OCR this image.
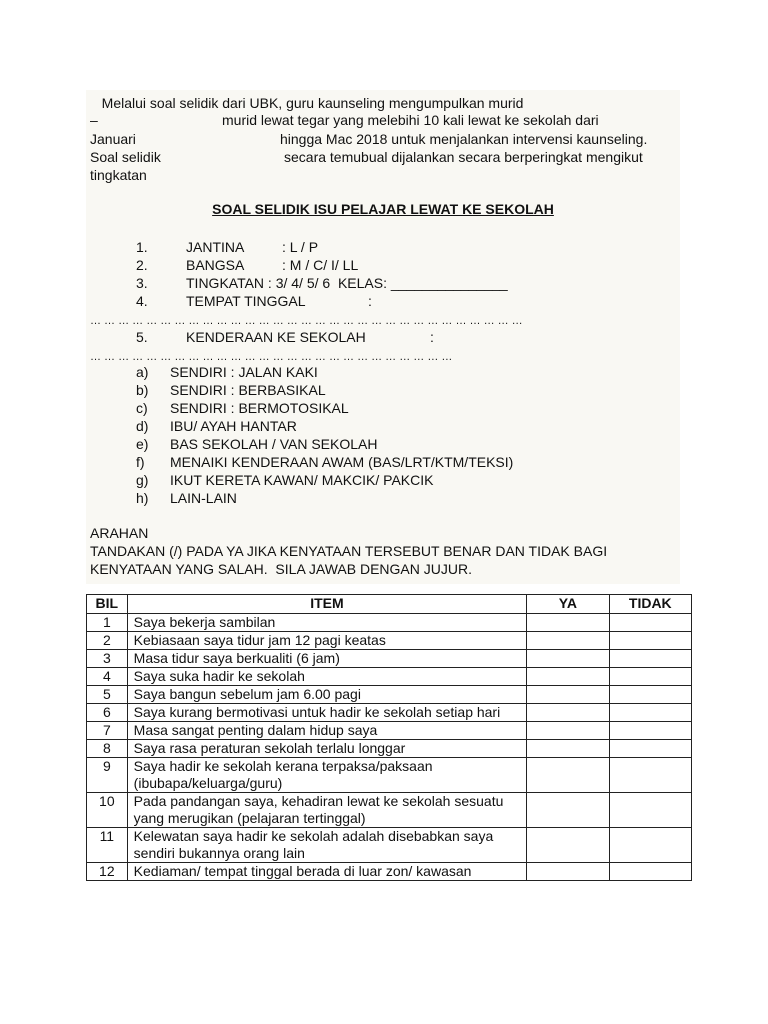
Melalui soal selidik dari UBK, guru kaunseling mengumpulkan murid
–	murid lewat tegar yang melebihi 10 kali lewat ke sekolah dari
Januari	hingga Mac 2018 untuk menjalankan intervensi kaunseling.
Soal selidik	secara temubual dijalankan secara berperingkat mengikut
tingkatan
SOAL SELIDIK ISU PELAJAR LEWAT KE SEKOLAH
1.	JANTINA	: L / P
2.	BANGSA	: M / C/ I/ LL
3.	TINGKATAN : 3/ 4/ 5/ 6  KELAS: _______________
4.	TEMPAT TINGGAL	:
… … … … … … … … … … … … … … … … … … … … … … … … … … … … … … …
5.	KENDERAAN KE SEKOLAH	:
… … … … … … … … … … … … … … … … … … … … … … … … … …
a) SENDIRI : JALAN KAKI
b) SENDIRI : BERBASIKAL
c) SENDIRI : BERMOTOSIKAL
d) IBU/ AYAH HANTAR
e) BAS SEKOLAH / VAN SEKOLAH
f) MENAIKI KENDERAAN AWAM (BAS/LRT/KTM/TEKSI)
g) IKUT KERETA KAWAN/ MAKCIK/ PAKCIK
h) LAIN-LAIN
ARAHAN
TANDAKAN (/) PADA YA JIKA KENYATAAN TERSEBUT BENAR DAN TIDAK BAGI
KENYATAAN YANG SALAH.  SILA JAWAB DENGAN JUJUR.
BIL	ITEM	YA	TIDAK
1	Saya bekerja sambilan		
2	Kebiasaan saya tidur jam 12 pagi keatas		
3	Masa tidur saya berkualiti (6 jam)		
4	Saya suka hadir ke sekolah		
5	Saya bangun sebelum jam 6.00 pagi		
6	Saya kurang bermotivasi untuk hadir ke sekolah setiap hari		
7	Masa sangat penting dalam hidup saya		
8	Saya rasa peraturan sekolah terlalu longgar		
9	Saya hadir ke sekolah kerana terpaksa/paksaan (ibubapa/keluarga/guru)		
10	Pada pandangan saya, kehadiran lewat ke sekolah sesuatu yang merugikan (pelajaran tertinggal)		
11	Kelewatan saya hadir ke sekolah adalah disebabkan saya sendiri bukannya orang lain		
12	Kediaman/ tempat tinggal berada di luar zon/ kawasan		
